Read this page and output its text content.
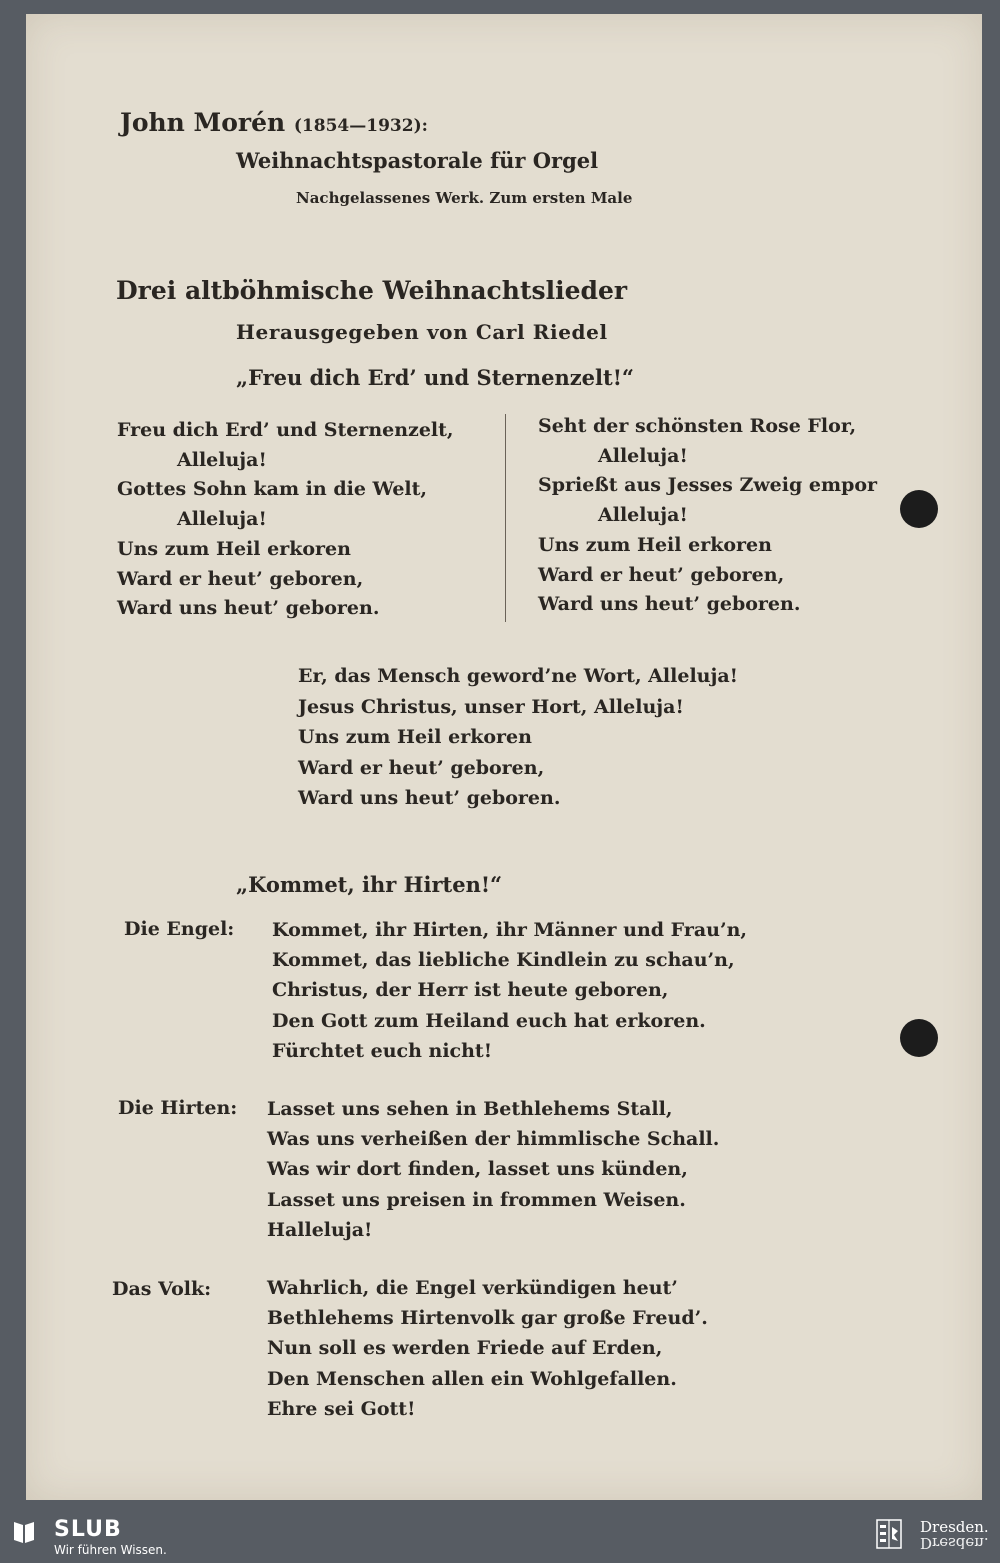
John Morén (1854—1932):
Weihnachtspastorale für Orgel
Nachgelassenes Werk. Zum ersten Male
Drei altböhmische Weihnachtslieder
Herausgegeben von Carl Riedel
„Freu dich Erd’ und Sternenzelt!“
Freu dich Erd’ und Sternenzelt,
Alleluja!
Gottes Sohn kam in die Welt,
Alleluja!
Uns zum Heil erkoren
Ward er heut’ geboren,
Ward uns heut’ geboren.
Seht der schönsten Rose Flor,
Alleluja!
Sprießt aus Jesses Zweig empor
Alleluja!
Uns zum Heil erkoren
Ward er heut’ geboren,
Ward uns heut’ geboren.
Er, das Mensch geword’ne Wort, Alleluja!
Jesus Christus, unser Hort, Alleluja!
Uns zum Heil erkoren
Ward er heut’ geboren,
Ward uns heut’ geboren.
„Kommet, ihr Hirten!“
Die Engel: Kommet, ihr Hirten, ihr Männer und Frau’n,
Kommet, das liebliche Kindlein zu schau’n,
Christus, der Herr ist heute geboren,
Den Gott zum Heiland euch hat erkoren.
Fürchtet euch nicht!
Die Hirten: Lasset uns sehen in Bethlehems Stall,
Was uns verheißen der himmlische Schall.
Was wir dort finden, lasset uns künden,
Lasset uns preisen in frommen Weisen.
Halleluja!
Das Volk:	Wahrlich, die Engel verkündigen heut’
Bethlehems Hirtenvolk gar große Freud’.
Nun soll es werden Friede auf Erden,
Den Menschen allen ein Wohlgefallen.
Ehre sei Gott!
SLUB
Wir führen Wissen.
Dresden.
Dresden.
